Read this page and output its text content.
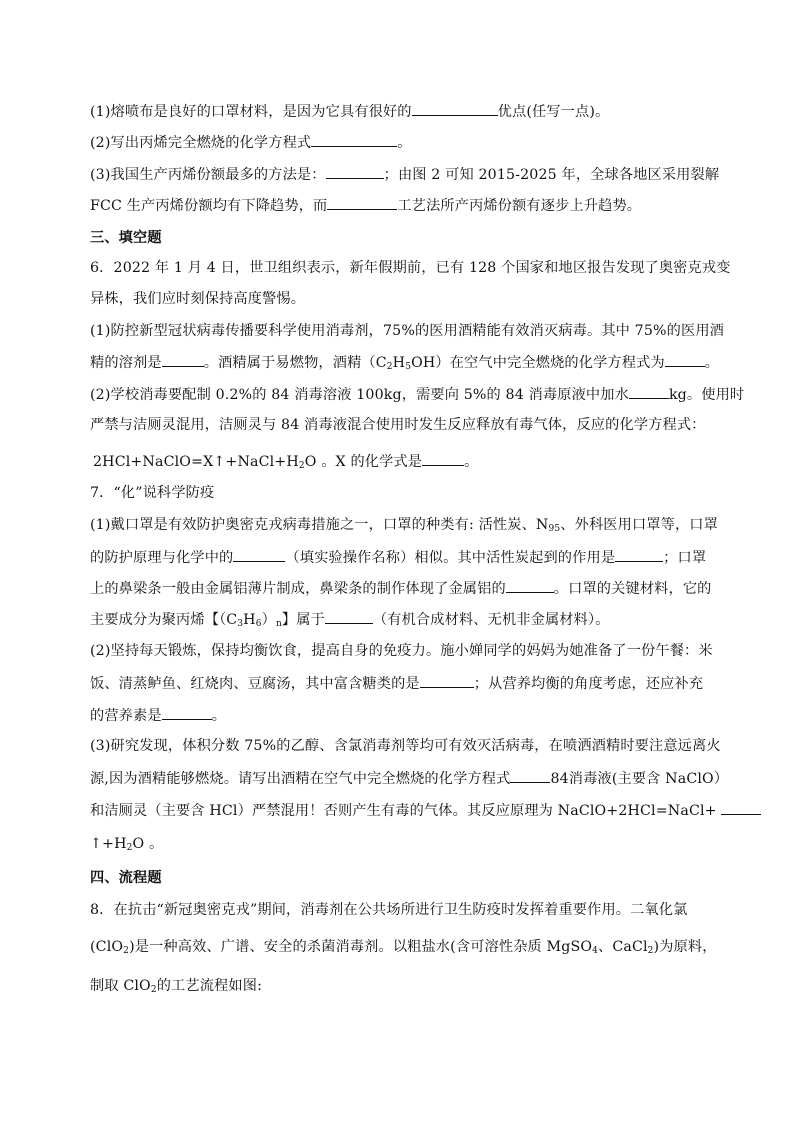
(1)熔喷布是良好的口罩材料，是因为它具有很好的	优点(任写一点)。
(2)写出丙烯完全燃烧的化学方程式	。
(3)我国生产丙烯份额最多的方法是：	；由图 2 可知 2015-2025 年，全球各地区采用裂解
FCC 生产丙烯份额均有下降趋势，而	工艺法所产丙烯份额有逐步上升趋势。
三、填空题
6．2022 年 1 月 4 日，世卫组织表示，新年假期前，已有 128 个国家和地区报告发现了奥密克戎变
异株，我们应时刻保持高度警惕。
(1)防控新型冠状病毒传播要科学使用消毒剂，75%的医用酒精能有效消灭病毒。其中 75%的医用酒
精的溶剂是	。酒精属于易燃物，酒精$(C_2H_5OH)$在空气中完全燃烧的化学方程式为	。
(2)学校消毒要配制 0.2%的 84 消毒溶液 100kg，需要向 5%的 84 消毒原液中加水	kg。使用时
严禁与洁厕灵混用，洁厕灵与 84 消毒液混合使用时发生反应释放有毒气体，反应的化学方程式：
$2HCl+NaClO=X↑+NaCl+H_2O$ 。X 的化学式是	。
7．“化”说科学防疫
(1)戴口罩是有效防护奥密克戎病毒措施之一，口罩的种类有: 活性炭、$N_{95}$、外科医用口罩等，口罩
的防护原理与化学中的	（填实验操作名称）相似。其中活性炭起到的作用是	；口罩
上的鼻梁条一般由金属铝薄片制成，鼻梁条的制作体现了金属铝的	。口罩的关键材料，它的
主要成分为聚丙烯【$(C_3H_6)_n$】属于	（有机合成材料、无机非金属材料）。
(2)坚持每天锻炼，保持均衡饮食，提高自身的免疫力。施小婵同学的妈妈为她准备了一份午餐：米
饭、清蒸鲈鱼、红烧肉、豆腐汤，其中富含糖类的是	；从营养均衡的角度考虑，还应补充
的营养素是	。
(3)研究发现，体积分数 75%的乙醇、含氯消毒剂等均可有效灭活病毒，在喷洒酒精时要注意远离火
源,因为酒精能够燃烧。请写出酒精在空气中完全燃烧的化学方程式	84消毒液(主要含 NaClO）
和洁厕灵（主要含 HCl）严禁混用！否则产生有毒的气体。其反应原理为 NaClO+2HCl=NaCl+
$↑+H_2O$ 。
四、流程题
8．在抗击“新冠奥密克戎”期间，消毒剂在公共场所进行卫生防疫时发挥着重要作用。二氧化氯
(ClO$_2$)是一种高效、广谱、安全的杀菌消毒剂。以粗盐水(含可溶性杂质 MgSO$_4$、CaCl$_2$)为原料，
制取 ClO$_2$的工艺流程如图:
